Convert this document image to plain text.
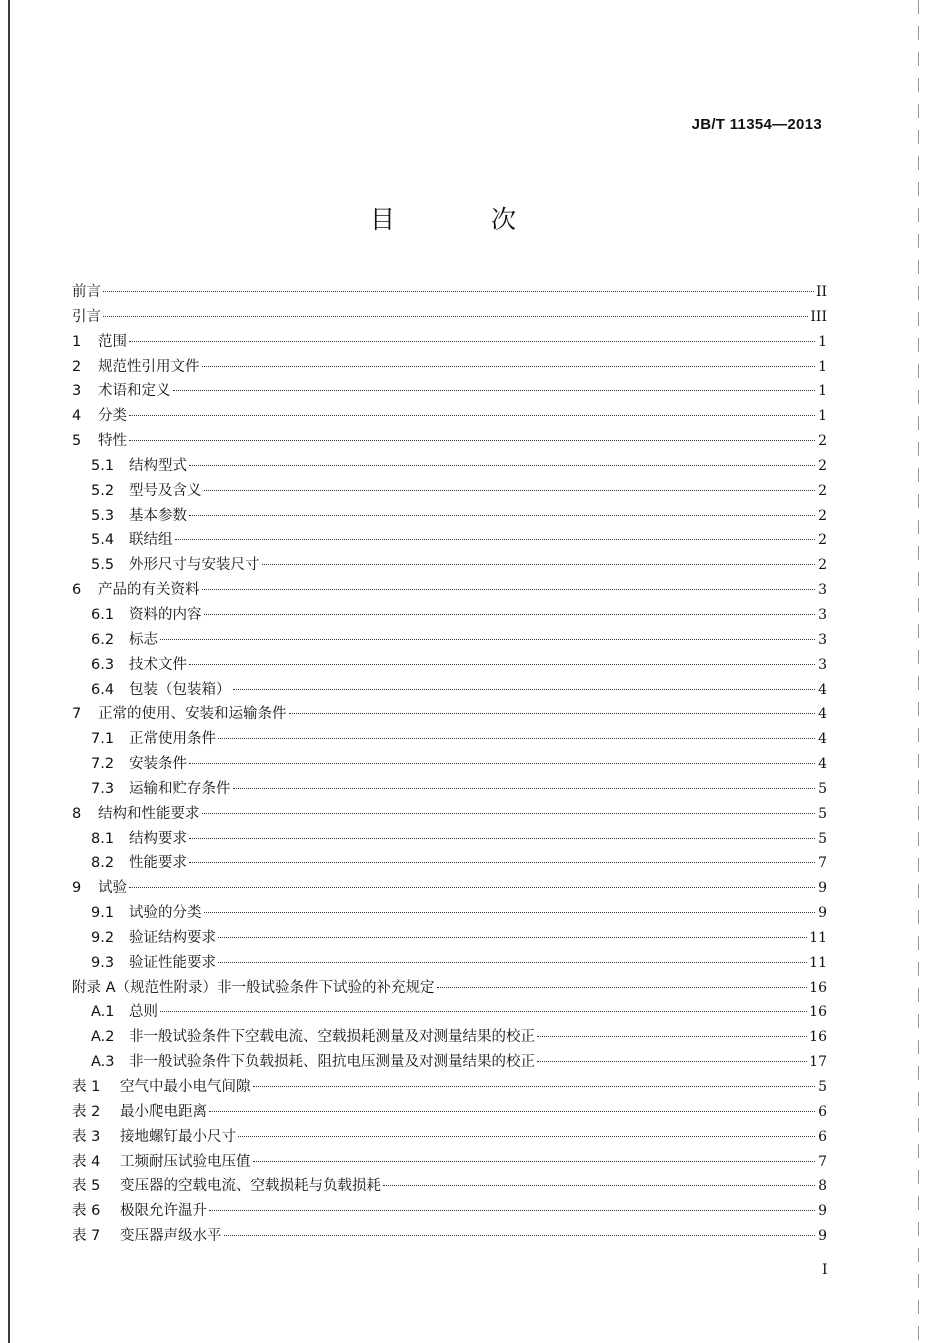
JB/T 11354—2013
目 次
前言	II
引言	III
1	范围	1
2	规范性引用文件	1
3	术语和定义	1
4	分类	1
5	特性	2
5.1	结构型式	2
5.2	型号及含义	2
5.3	基本参数	2
5.4	联结组	2
5.5	外形尺寸与安装尺寸	2
6	产品的有关资料	3
6.1	资料的内容	3
6.2	标志	3
6.3	技术文件	3
6.4	包装（包装箱）	4
7	正常的使用、安装和运输条件	4
7.1	正常使用条件	4
7.2	安装条件	4
7.3	运输和贮存条件	5
8	结构和性能要求	5
8.1	结构要求	5
8.2	性能要求	7
9	试验	9
9.1	试验的分类	9
9.2	验证结构要求	11
9.3	验证性能要求	11
附录 A（规范性附录）非一般试验条件下试验的补充规定	16
A.1	总则	16
A.2	非一般试验条件下空载电流、空载损耗测量及对测量结果的校正	16
A.3	非一般试验条件下负载损耗、阻抗电压测量及对测量结果的校正	17
表 1	空气中最小电气间隙	5
表 2	最小爬电距离	6
表 3	接地螺钉最小尺寸	6
表 4	工频耐压试验电压值	7
表 5	变压器的空载电流、空载损耗与负载损耗	8
表 6	极限允许温升	9
表 7	变压器声级水平	9
I
